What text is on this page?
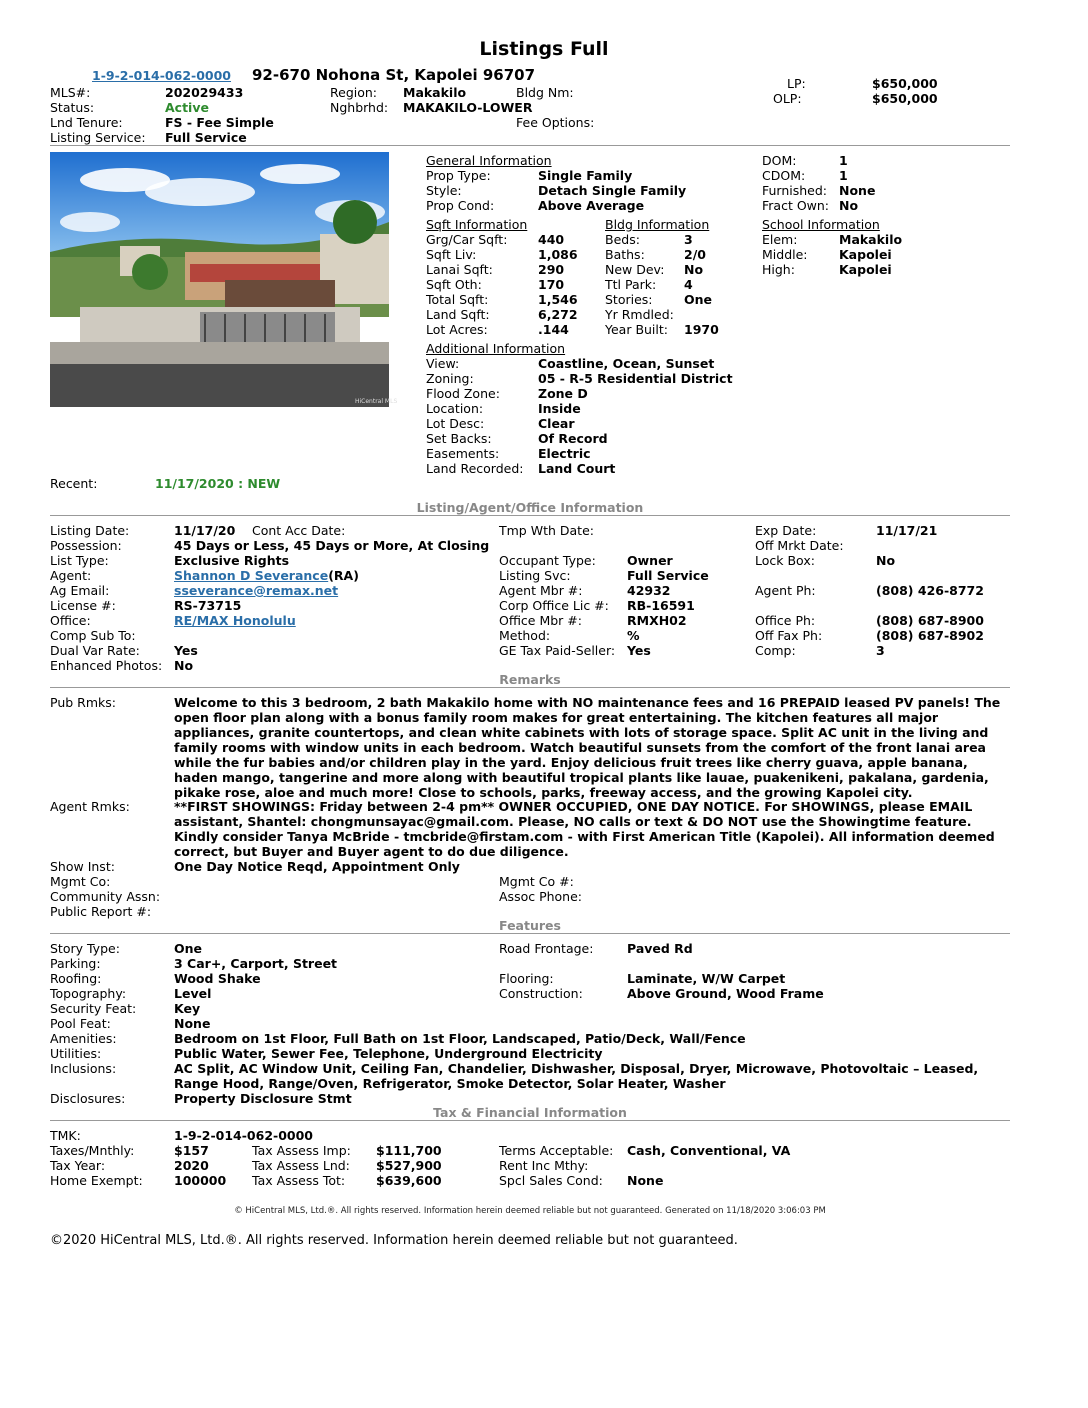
Listings Full
1-9-2-014-062-0000 92-670 Nohona St, Kapolei 96707
MLS#:	202029433
Status:	Active
Lnd Tenure:	FS - Fee Simple
Listing Service: Full Service
Region: Makakilo
Nghbrhd: MAKAKILO-LOWER
Bldg Nm:
Fee Options:
LP:	$650,000
OLP:	$650,000
HiCentral MLS
General Information
Prop Type:	Single Family
Style:	Detach Single Family
Prop Cond:	Above Average
DOM:	1
CDOM:	1
Furnished: None
Fract Own: No
Sqft Information
Grg/Car Sqft: 440
Sqft Liv:	1,086
Lanai Sqft:	290
Sqft Oth:	170
Total Sqft:	1,546
Land Sqft:	6,272
Lot Acres:	.144
Bldg Information
Beds:	3
Baths:	2/0
New Dev: No
Ttl Park: 4
Stories:	One
Yr Rmdled:
Year Built: 1970
School Information
Elem:	Makakilo
Middle:	Kapolei
High:	Kapolei
Additional Information
View:	Coastline, Ocean, Sunset
Zoning:	05 - R-5 Residential District
Flood Zone:	Zone D
Location:	Inside
Lot Desc:	Clear
Set Backs:	Of Record
Easements:	Electric
Land Recorded: Land Court
Recent:	11/17/2020 : NEW
Listing/Agent/Office Information
Listing Date:	11/17/20 Cont Acc Date:
Possession:	45 Days or Less, 45 Days or More, At Closing
List Type:	Exclusive Rights
Agent:	Shannon D Severance(RA)
Ag Email:	sseverance@remax.net
License #:	RS-73715
Office:	RE/MAX Honolulu
Comp Sub To:
Dual Var Rate:	Yes
Enhanced Photos: No
Tmp Wth Date:
Occupant Type: Owner
Listing Svc:	Full Service
Agent Mbr #:	42932
Corp Office Lic #: RB-16591
Office Mbr #:	RMXH02
Method:	%
GE Tax Paid-Seller: Yes
Exp Date:	11/17/21
Off Mrkt Date:
Lock Box:	No
Agent Ph:	(808) 426-8772
Office Ph:	(808) 687-8900
Off Fax Ph:	(808) 687-8902
Comp:	3
Remarks
Pub Rmks:	Welcome to this 3 bedroom, 2 bath Makakilo home with NO maintenance fees and 16 PREPAID leased PV panels! The open floor plan along with a bonus family room makes for great entertaining. The kitchen features all major appliances, granite countertops, and clean white cabinets with lots of storage space. Split AC unit in the living and family rooms with window units in each bedroom. Watch beautiful sunsets from the comfort of the front lanai area while the fur babies and/or children play in the yard. Enjoy delicious fruit trees like cherry guava, apple banana, haden mango, tangerine and more along with beautiful tropical plants like lauae, puakenikeni, pakalana, gardenia, pikake rose, aloe and much more! Close to schools, parks, freeway access, and the growing Kapolei city.
Agent Rmks:	**FIRST SHOWINGS: Friday between 2-4 pm** OWNER OCCUPIED, ONE DAY NOTICE. For SHOWINGS, please EMAIL assistant, Shantel: chongmunsayac@gmail.com. Please, NO calls or text & DO NOT use the Showingtime feature. Kindly consider Tanya McBride - tmcbride@firstam.com - with First American Title (Kapolei). All information deemed correct, but Buyer and Buyer agent to do due diligence.
Show Inst:	One Day Notice Reqd, Appointment Only
Mgmt Co:	Mgmt Co #:
Community Assn:	Assoc Phone:
Public Report #:
Features
Story Type:	One
Parking:	3 Car+, Carport, Street
Roofing:	Wood Shake
Topography:	Level
Security Feat:	Key
Pool Feat:	None
Amenities:	Bedroom on 1st Floor, Full Bath on 1st Floor, Landscaped, Patio/Deck, Wall/Fence
Utilities:	Public Water, Sewer Fee, Telephone, Underground Electricity
Inclusions:	AC Split, AC Window Unit, Ceiling Fan, Chandelier, Dishwasher, Disposal, Dryer, Microwave, Photovoltaic – Leased,
Range Hood, Range/Oven, Refrigerator, Smoke Detector, Solar Heater, Washer
Disclosures:	Property Disclosure Stmt
Road Frontage:	Paved Rd
Flooring:	Laminate, W/W Carpet
Construction:	Above Ground, Wood Frame
Tax & Financial Information
TMK:	1-9-2-014-062-0000
Taxes/Mnthly:	$157
Tax Year:	2020
Home Exempt:	100000
Tax Assess Imp: $111,700
Tax Assess Lnd: $527,900
Tax Assess Tot: $639,600
Terms Acceptable: Cash, Conventional, VA
Rent Inc Mthy:
Spcl Sales Cond: None
© HiCentral MLS, Ltd.®. All rights reserved. Information herein deemed reliable but not guaranteed. Generated on 11/18/2020 3:06:03 PM
©2020 HiCentral MLS, Ltd.®. All rights reserved. Information herein deemed reliable but not guaranteed.
